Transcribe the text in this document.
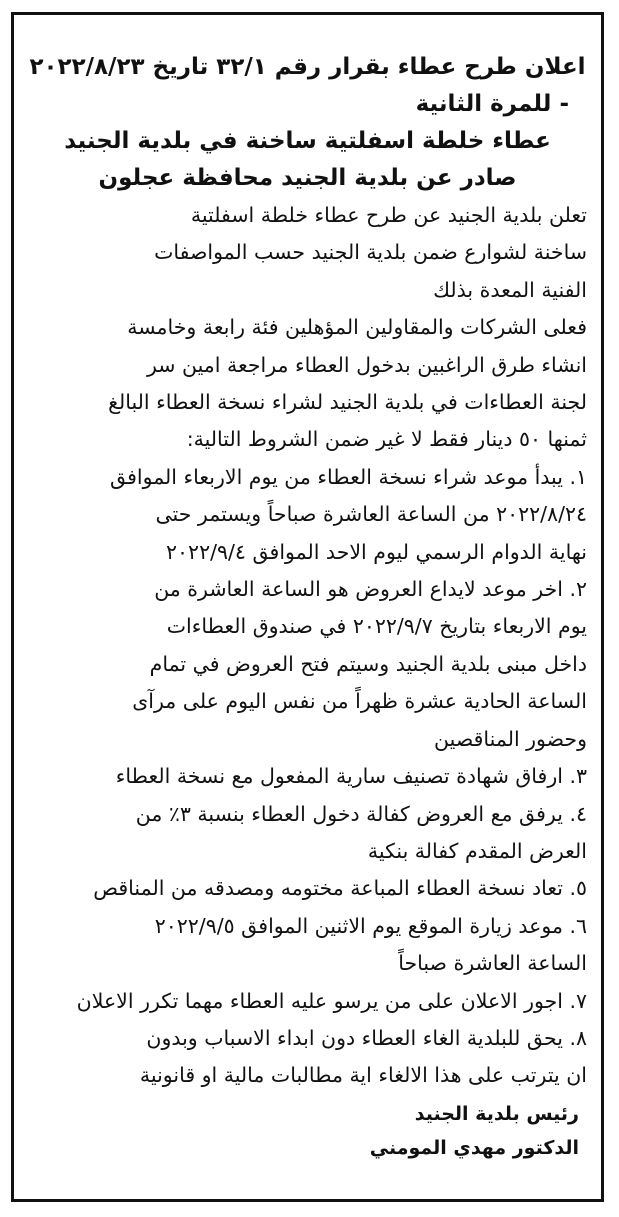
اعلان طرح عطاء بقرار رقم ٣٢/١ تاريخ ٢٠٢٢/٨/٢٣
- للمرة الثانية
عطاء خلطة اسفلتية ساخنة في بلدية الجنيد
صادر عن بلدية الجنيد محافظة عجلون
تعلن بلدية الجنيد عن طرح عطاء خلطة اسفلتية
ساخنة لشوارع ضمن بلدية الجنيد حسب المواصفات
الفنية المعدة بذلك
فعلى الشركات والمقاولين المؤهلين فئة رابعة وخامسة
انشاء طرق الراغبين بدخول العطاء مراجعة امين سر
لجنة العطاءات في بلدية الجنيد لشراء نسخة العطاء البالغ
ثمنها ٥٠ دينار فقط لا غير ضمن الشروط التالية:
١. يبدأ موعد شراء نسخة العطاء من يوم الاربعاء الموافق
٢٠٢٢/٨/٢٤ من الساعة العاشرة صباحاً ويستمر حتى
نهاية الدوام الرسمي ليوم الاحد الموافق ٢٠٢٢/٩/٤
٢. اخر موعد لايداع العروض هو الساعة العاشرة من
يوم الاربعاء بتاريخ ٢٠٢٢/٩/٧ في صندوق العطاءات
داخل مبنى بلدية الجنيد وسيتم فتح العروض في تمام
الساعة الحادية عشرة ظهراً من نفس اليوم على مرآى
وحضور المناقصين
٣. ارفاق شهادة تصنيف سارية المفعول مع نسخة العطاء
٤. يرفق مع العروض كفالة دخول العطاء بنسبة ٣٪ من
العرض المقدم كفالة بنكية
٥. تعاد نسخة العطاء المباعة مختومه ومصدقه من المناقص
٦. موعد زيارة الموقع يوم الاثنين الموافق ٢٠٢٢/٩/٥
الساعة العاشرة صباحاً
٧. اجور الاعلان على من يرسو عليه العطاء مهما تكرر الاعلان
٨. يحق للبلدية الغاء العطاء دون ابداء الاسباب وبدون
ان يترتب على هذا الالغاء اية مطالبات مالية او قانونية
رئيس بلدية الجنيد
الدكتور مهدي المومني
